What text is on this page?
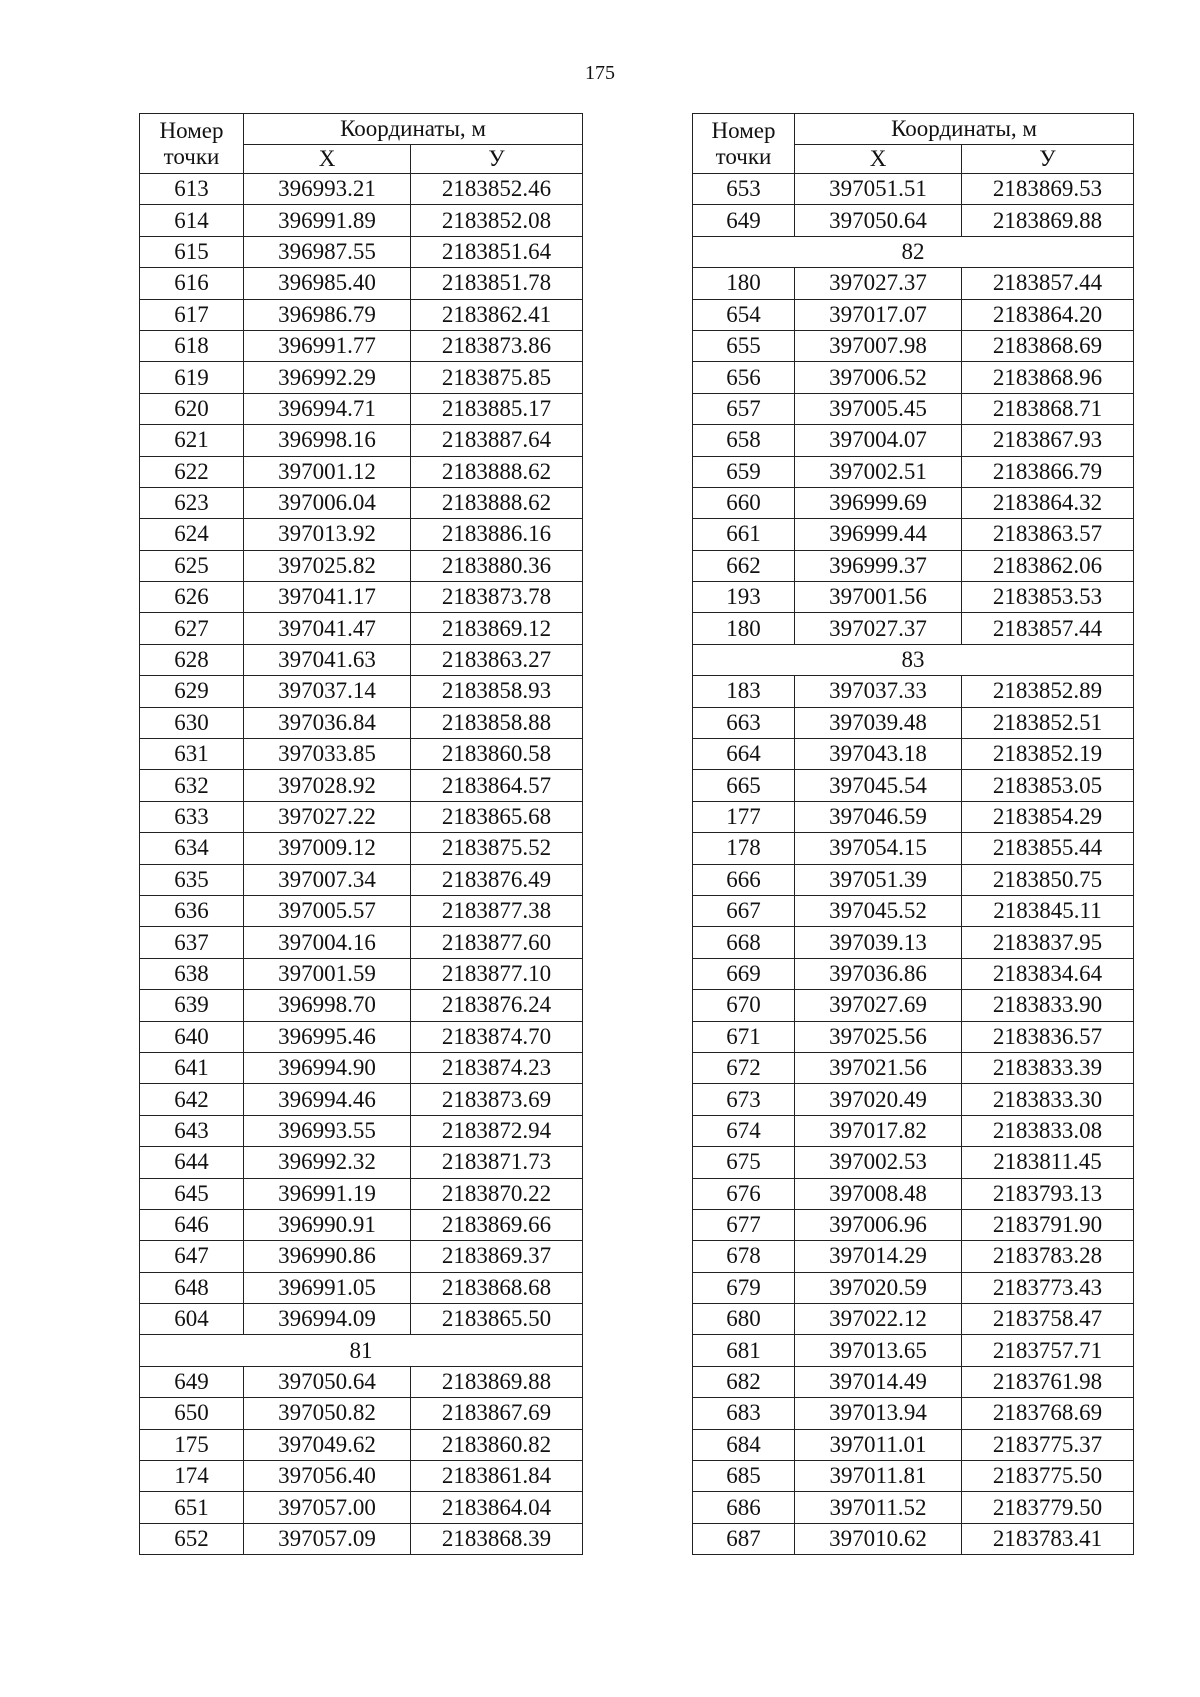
175
Номер
точки	Координаты, м	
	Х	У
613	396993.21	2183852.46
614	396991.89	2183852.08
615	396987.55	2183851.64
616	396985.40	2183851.78
617	396986.79	2183862.41
618	396991.77	2183873.86
619	396992.29	2183875.85
620	396994.71	2183885.17
621	396998.16	2183887.64
622	397001.12	2183888.62
623	397006.04	2183888.62
624	397013.92	2183886.16
625	397025.82	2183880.36
626	397041.17	2183873.78
627	397041.47	2183869.12
628	397041.63	2183863.27
629	397037.14	2183858.93
630	397036.84	2183858.88
631	397033.85	2183860.58
632	397028.92	2183864.57
633	397027.22	2183865.68
634	397009.12	2183875.52
635	397007.34	2183876.49
636	397005.57	2183877.38
637	397004.16	2183877.60
638	397001.59	2183877.10
639	396998.70	2183876.24
640	396995.46	2183874.70
641	396994.90	2183874.23
642	396994.46	2183873.69
643	396993.55	2183872.94
644	396992.32	2183871.73
645	396991.19	2183870.22
646	396990.91	2183869.66
647	396990.86	2183869.37
648	396991.05	2183868.68
604	396994.09	2183865.50
81		
649	397050.64	2183869.88
650	397050.82	2183867.69
175	397049.62	2183860.82
174	397056.40	2183861.84
651	397057.00	2183864.04
652	397057.09	2183868.39
Номер
точки	Координаты, м	
	Х	У
653	397051.51	2183869.53
649	397050.64	2183869.88
82		
180	397027.37	2183857.44
654	397017.07	2183864.20
655	397007.98	2183868.69
656	397006.52	2183868.96
657	397005.45	2183868.71
658	397004.07	2183867.93
659	397002.51	2183866.79
660	396999.69	2183864.32
661	396999.44	2183863.57
662	396999.37	2183862.06
193	397001.56	2183853.53
180	397027.37	2183857.44
83		
183	397037.33	2183852.89
663	397039.48	2183852.51
664	397043.18	2183852.19
665	397045.54	2183853.05
177	397046.59	2183854.29
178	397054.15	2183855.44
666	397051.39	2183850.75
667	397045.52	2183845.11
668	397039.13	2183837.95
669	397036.86	2183834.64
670	397027.69	2183833.90
671	397025.56	2183836.57
672	397021.56	2183833.39
673	397020.49	2183833.30
674	397017.82	2183833.08
675	397002.53	2183811.45
676	397008.48	2183793.13
677	397006.96	2183791.90
678	397014.29	2183783.28
679	397020.59	2183773.43
680	397022.12	2183758.47
681	397013.65	2183757.71
682	397014.49	2183761.98
683	397013.94	2183768.69
684	397011.01	2183775.37
685	397011.81	2183775.50
686	397011.52	2183779.50
687	397010.62	2183783.41
